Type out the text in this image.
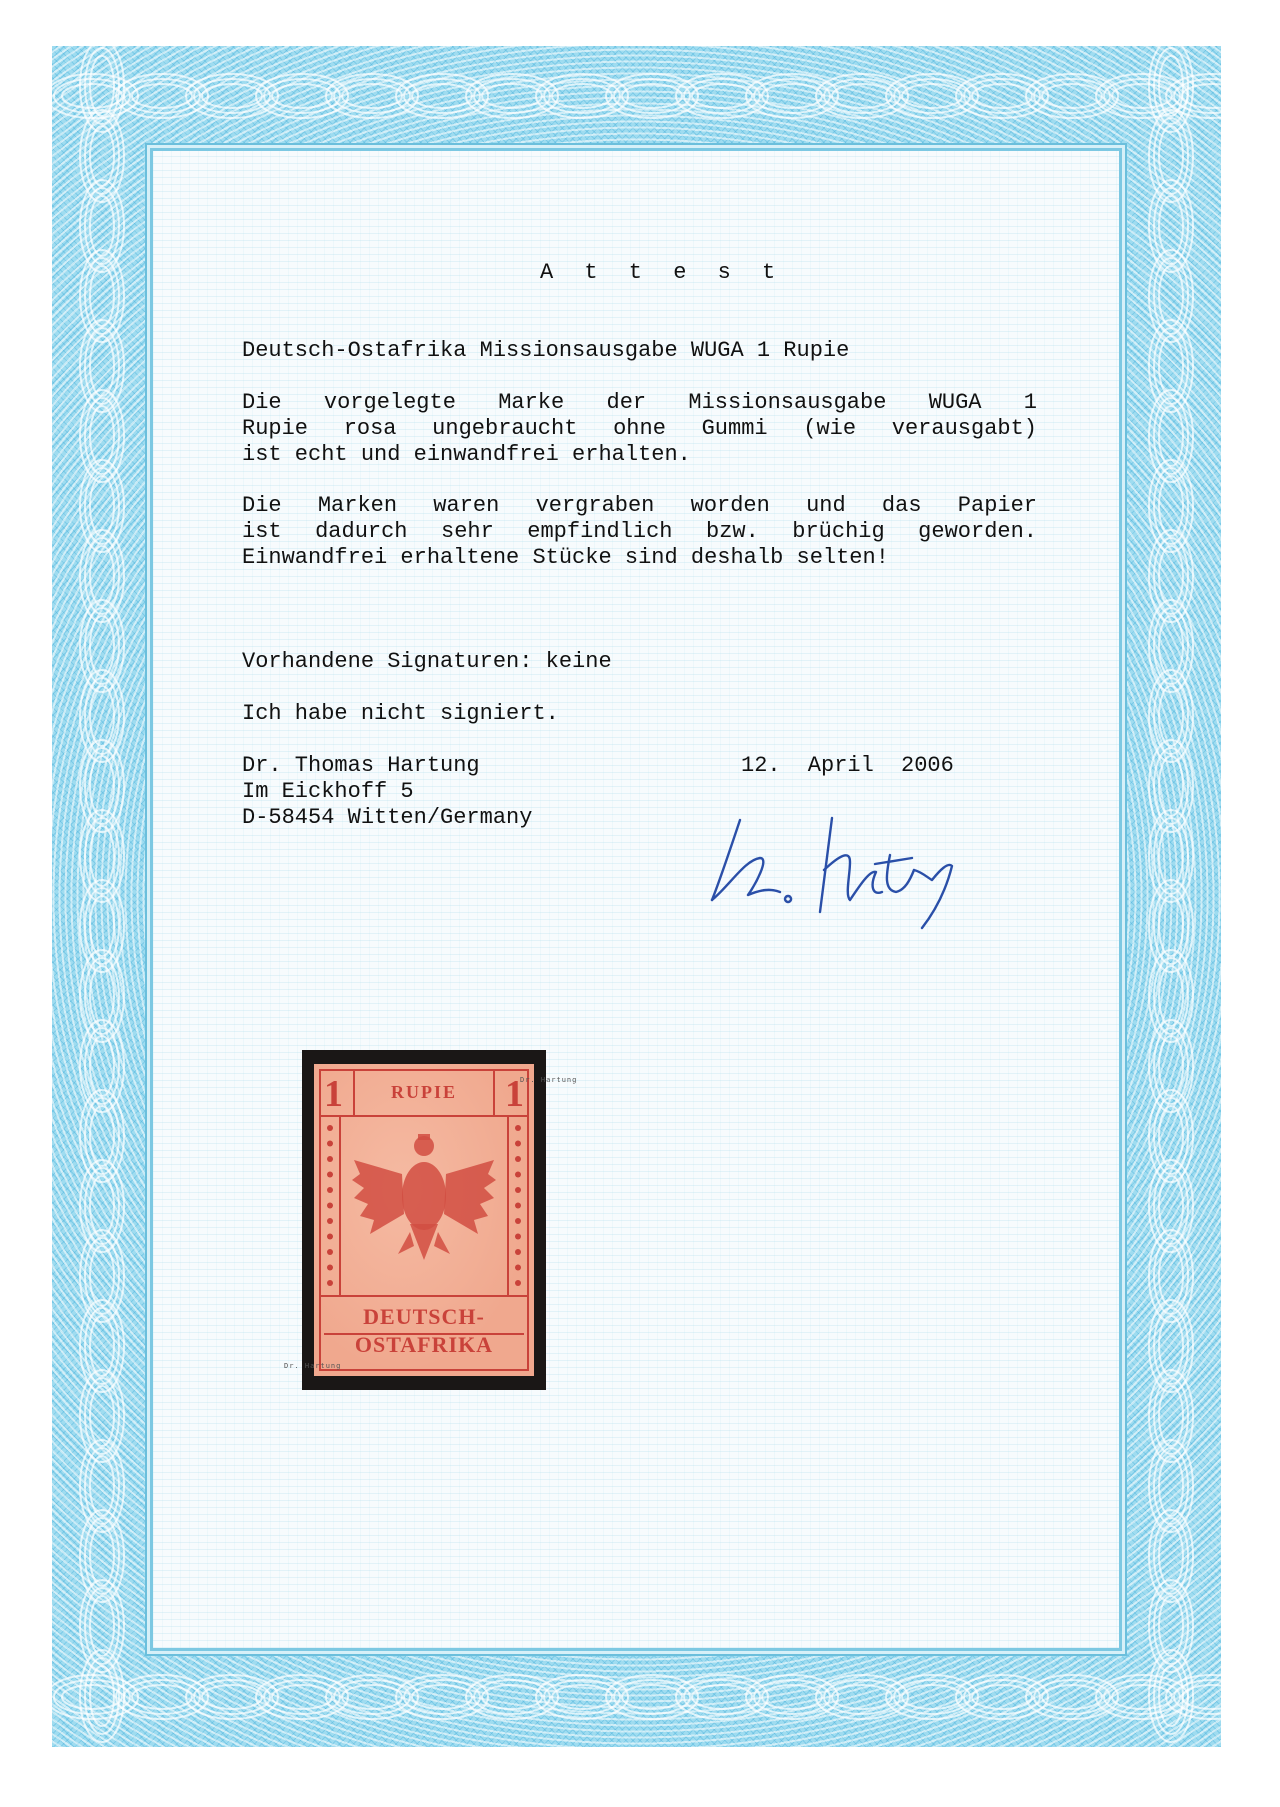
A t t e s t

Deutsch-Ostafrika Missionsausgabe WUGA 1 Rupie

Die vorgelegte Marke der Missionsausgabe WUGA 1

Rupie rosa ungebraucht ohne Gummi (wie verausgabt)

ist echt und einwandfrei erhalten.

Die Marken waren vergraben worden und das Papier

ist dadurch sehr empfindlich bzw. brüchig geworden.

Einwandfrei erhaltene Stücke sind deshalb selten!

Vorhandene Signaturen: keine

Ich habe nicht signiert.

Dr. Thomas Hartung

Im Eickhoff 5

D-58454 Witten/Germany

12. April 2006

1	RUPIE	1
DEUTSCH-
OSTAFRIKA
Dr. Hartung
Dr. Hartung
